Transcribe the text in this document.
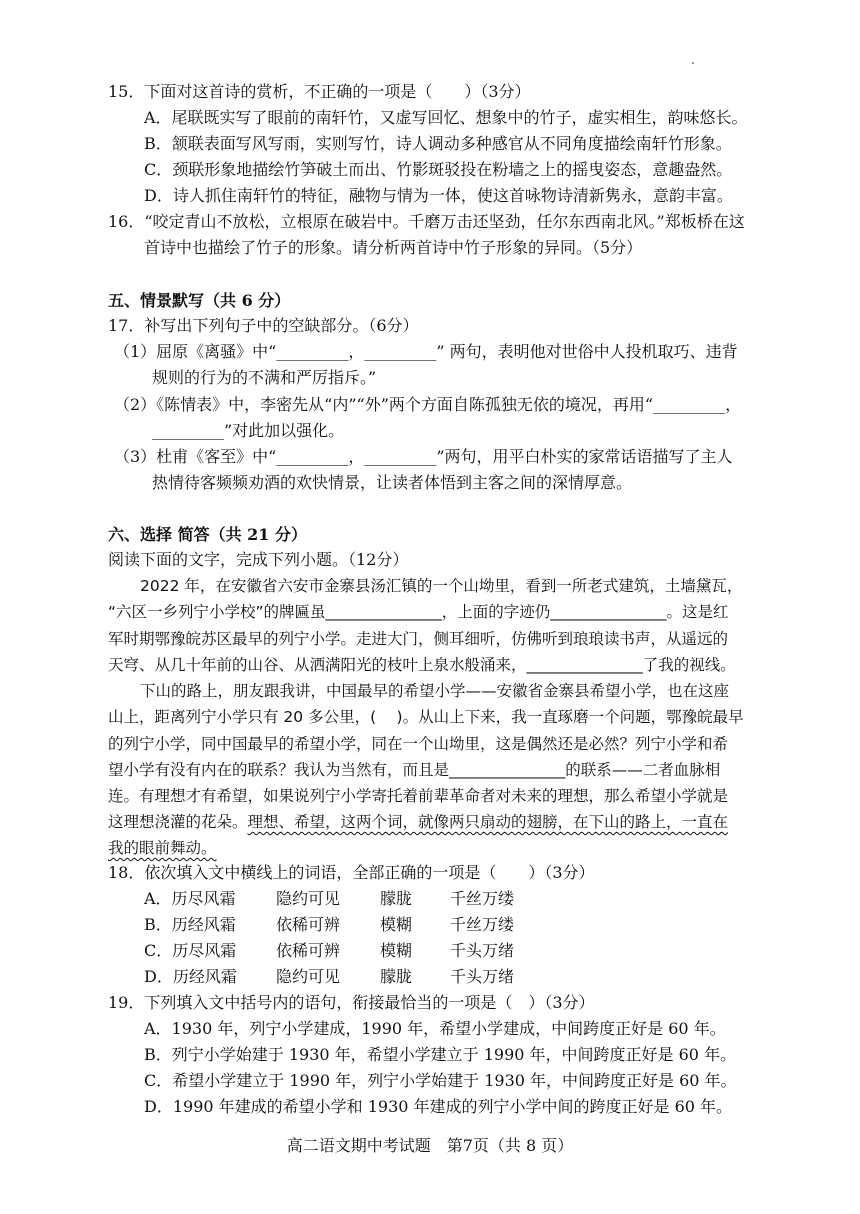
15．下面对这首诗的赏析，不正确的一项是（　　）（3分）
A．尾联既实写了眼前的南轩竹，又虚写回忆、想象中的竹子，虚实相生，韵味悠长。
B．颔联表面写风写雨，实则写竹，诗人调动多种感官从不同角度描绘南轩竹形象。
C．颈联形象地描绘竹笋破土而出、竹影斑驳投在粉墙之上的摇曳姿态，意趣盎然。
D．诗人抓住南轩竹的特征，融物与情为一体，使这首咏物诗清新隽永，意韵丰富。
16．“咬定青山不放松，立根原在破岩中。千磨万击还坚劲，任尔东西南北风。”郑板桥在这
首诗中也描绘了竹子的形象。请分析两首诗中竹子形象的异同。（5分）
五、情景默写（共 6 分）
17．补写出下列句子中的空缺部分。（6分）
（1）屈原《离骚》中“_________，_________” 两句，表明他对世俗中人投机取巧、违背
规则的行为的不满和严厉指斥。”
（2）《陈情表》中，李密先从“内”“外”两个方面自陈孤独无依的境况，再用“_________，
_________”对此加以强化。
（3）杜甫《客至》中“_________，_________”两句，用平白朴实的家常话语描写了主人
热情待客频频劝酒的欢快情景，让读者体悟到主客之间的深情厚意。
六、选择 简答（共 21 分）
阅读下面的文字，完成下列小题。（12分）
2022 年，在安徽省六安市金寨县汤汇镇的一个山坳里，看到一所老式建筑，土墙黛瓦，
“六区一乡列宁小学校”的牌匾虽_______________，上面的字迹仍_______________。这是红
军时期鄂豫皖苏区最早的列宁小学。走进大门，侧耳细听，仿佛听到琅琅读书声，从遥远的
天穹、从几十年前的山谷、从洒满阳光的枝叶上泉水般涌来，_______________了我的视线。
下山的路上，朋友跟我讲，中国最早的希望小学——安徽省金寨县希望小学，也在这座
山上，距离列宁小学只有 20 多公里，(　 )。从山上下来，我一直琢磨一个问题，鄂豫皖最早
的列宁小学，同中国最早的希望小学，同在一个山坳里，这是偶然还是必然？列宁小学和希
望小学有没有内在的联系？我认为当然有，而且是_______________的联系——二者血脉相
连。有理想才有希望，如果说列宁小学寄托着前辈革命者对未来的理想，那么希望小学就是
这理想浇灌的花朵。理想、希望，这两个词，就像两只扇动的翅膀，在下山的路上，一直在
我的眼前舞动。
18．依次填入文中横线上的词语，全部正确的一项是（　　）（3分）
A．历尽风霜	隐约可见 朦胧 千丝万缕
B．历经风霜	依稀可辨 模糊 千丝万缕
C．历尽风霜 依稀可辨 模糊 千头万绪
D．历经风霜 隐约可见 朦胧 千头万绪
19．下列填入文中括号内的语句，衔接最恰当的一项是（　）（3分）
A．1930 年，列宁小学建成，1990 年，希望小学建成，中间跨度正好是 60 年。
B．列宁小学始建于 1930 年，希望小学建立于 1990 年，中间跨度正好是 60 年。
C．希望小学建立于 1990 年，列宁小学始建于 1930 年，中间跨度正好是 60 年。
D．1990 年建成的希望小学和 1930 年建成的列宁小学中间的跨度正好是 60 年。
高二语文期中考试题　第7页（共 8 页）
